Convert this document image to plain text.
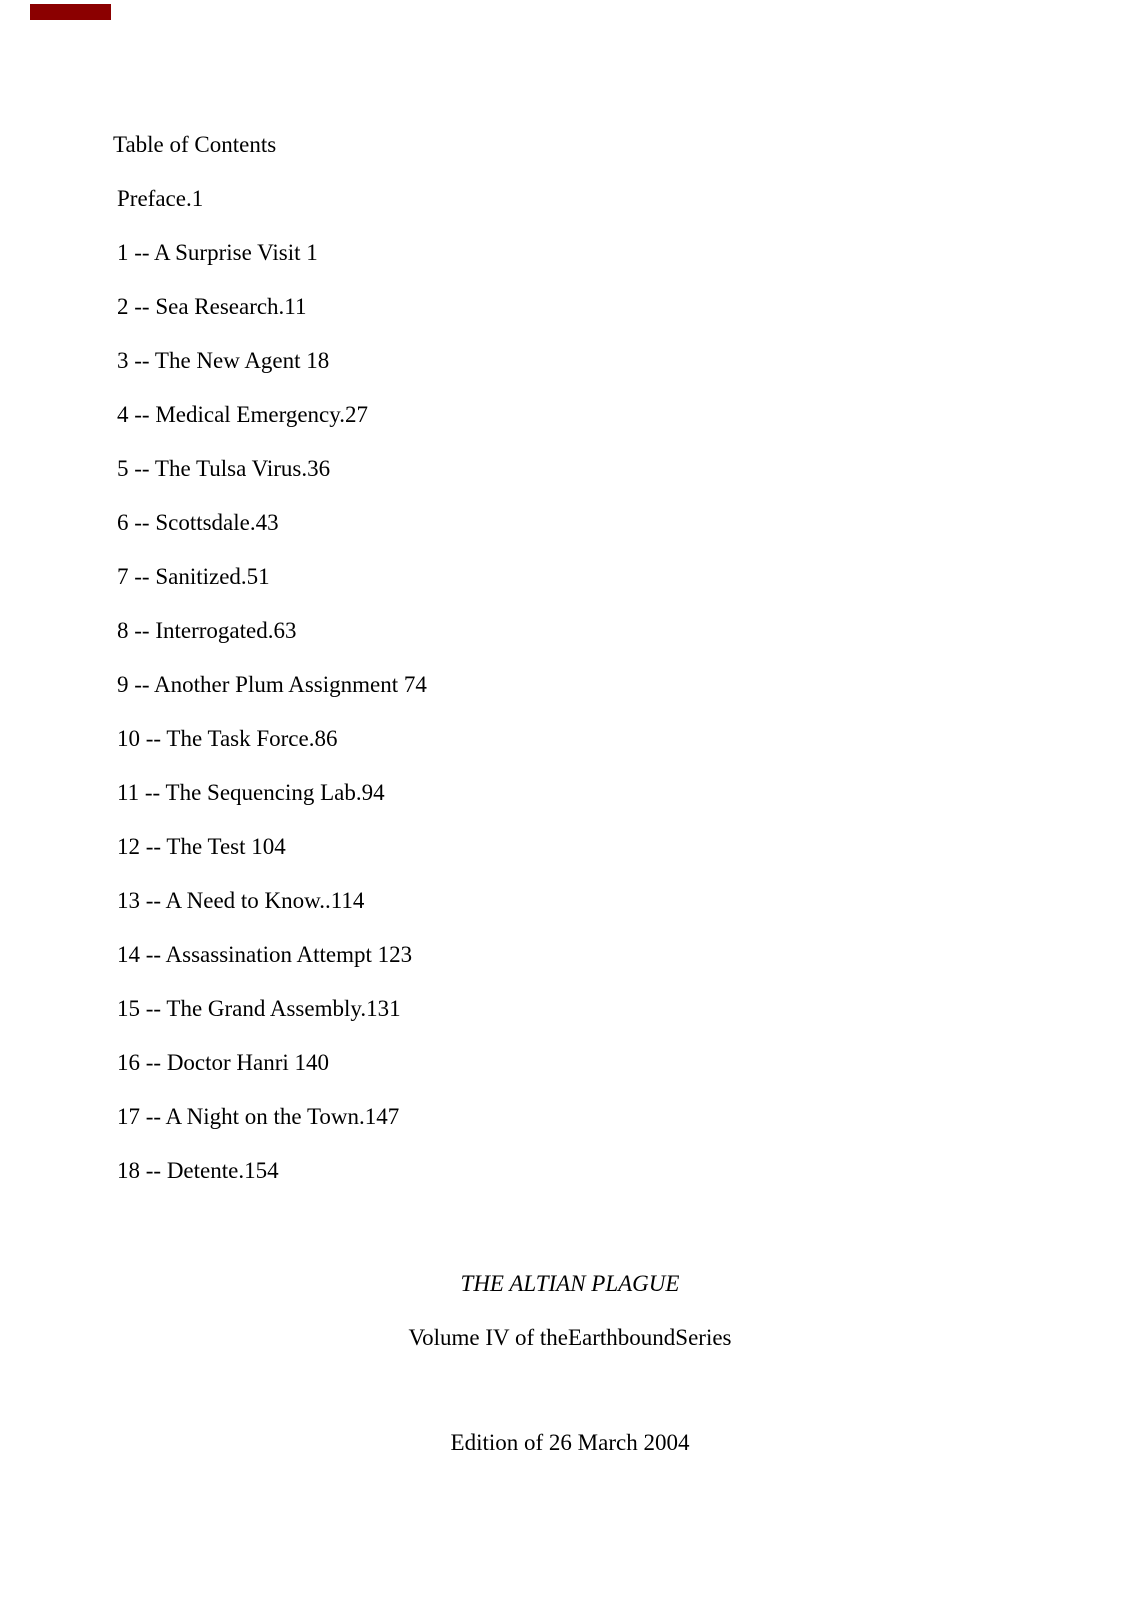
Table of Contents

Preface.1

1 -- A Surprise Visit 1

2 -- Sea Research.11

3 -- The New Agent 18

4 -- Medical Emergency.27

5 -- The Tulsa Virus.36

6 -- Scottsdale.43

7 -- Sanitized.51

8 -- Interrogated.63

9 -- Another Plum Assignment 74

10 -- The Task Force.86

11 -- The Sequencing Lab.94

12 -- The Test 104

13 -- A Need to Know..114

14 -- Assassination Attempt 123

15 -- The Grand Assembly.131

16 -- Doctor Hanri 140

17 -- A Night on the Town.147

18 -- Detente.154

THE ALTIAN PLAGUE

Volume IV of theEarthboundSeries

Edition of 26 March 2004
